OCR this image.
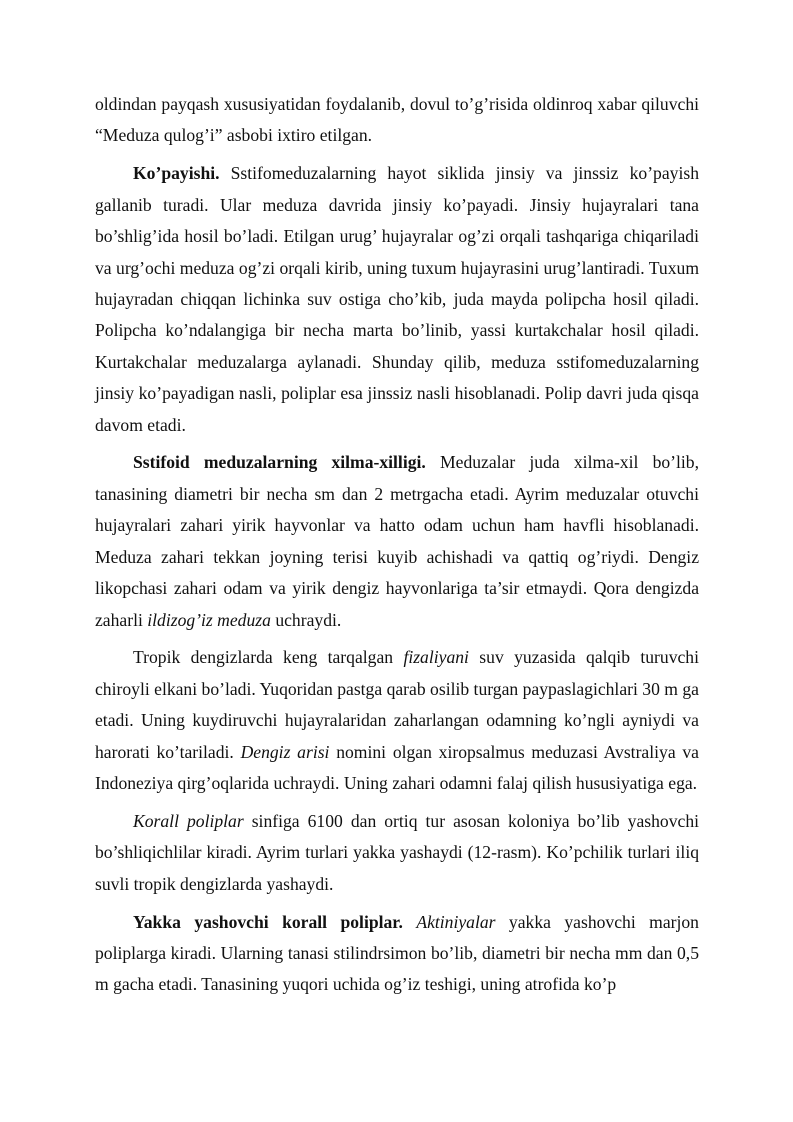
oldindan payqash xususiyatidan foydalanib, dovul to’g’risida oldinroq xabar qiluvchi “Meduza qulog’i” asbobi ixtiro etilgan.

Ko’payishi. Sstifomeduzalarning hayot siklida jinsiy va jinssiz ko’payish gallanib turadi. Ular meduza davrida jinsiy ko’payadi. Jinsiy hujayralari tana bo’shlig’ida hosil bo’ladi. Etilgan urug’ hujayralar og’zi orqali tashqariga chiqariladi va urg’ochi meduza og’zi orqali kirib, uning tuxum hujayrasini urug’lantiradi. Tuxum hujayradan chiqqan lichinka suv ostiga cho’kib, juda mayda polipcha hosil qiladi. Polipcha ko’ndalangiga bir necha marta bo’linib, yassi kurtakchalar hosil qiladi. Kurtakchalar meduzalarga aylanadi. Shunday qilib, meduza sstifomeduzalarning jinsiy ko’payadigan nasli, poliplar esa jinssiz nasli hisoblanadi. Polip davri juda qisqa davom etadi.

Sstifoid meduzalarning xilma-xilligi. Meduzalar juda xilma-xil bo’lib, tanasining diametri bir necha sm dan 2 metrgacha etadi. Ayrim meduzalar otuvchi hujayralari zahari yirik hayvonlar va hatto odam uchun ham havfli hisoblanadi. Meduza zahari tekkan joyning terisi kuyib achishadi va qattiq og’riydi. Dengiz likopchasi zahari odam va yirik dengiz hayvonlariga ta’sir etmaydi. Qora dengizda zaharli ildizog’iz meduza uchraydi.

Tropik dengizlarda keng tarqalgan fizaliyani suv yuzasida qalqib turuvchi chiroyli elkani bo’ladi. Yuqoridan pastga qarab osilib turgan paypaslagichlari 30 m ga etadi. Uning kuydiruvchi hujayralaridan zaharlangan odamning ko’ngli ayniydi va harorati ko’tariladi. Dengiz arisi nomini olgan xiropsalmus meduzasi Avstraliya va Indoneziya qirg’oqlarida uchraydi. Uning zahari odamni falaj qilish hususiyatiga ega.

Korall poliplar sinfiga 6100 dan ortiq tur asosan koloniya bo’lib yashovchi bo’shliqichlilar kiradi. Ayrim turlari yakka yashaydi (12-rasm). Ko’pchilik turlari iliq suvli tropik dengizlarda yashaydi.

Yakka yashovchi korall poliplar. Aktiniyalar yakka yashovchi marjon poliplarga kiradi. Ularning tanasi stilindrsimon bo’lib, diametri bir necha mm dan 0,5 m gacha etadi. Tanasining yuqori uchida og’iz teshigi, uning atrofida ko’p
